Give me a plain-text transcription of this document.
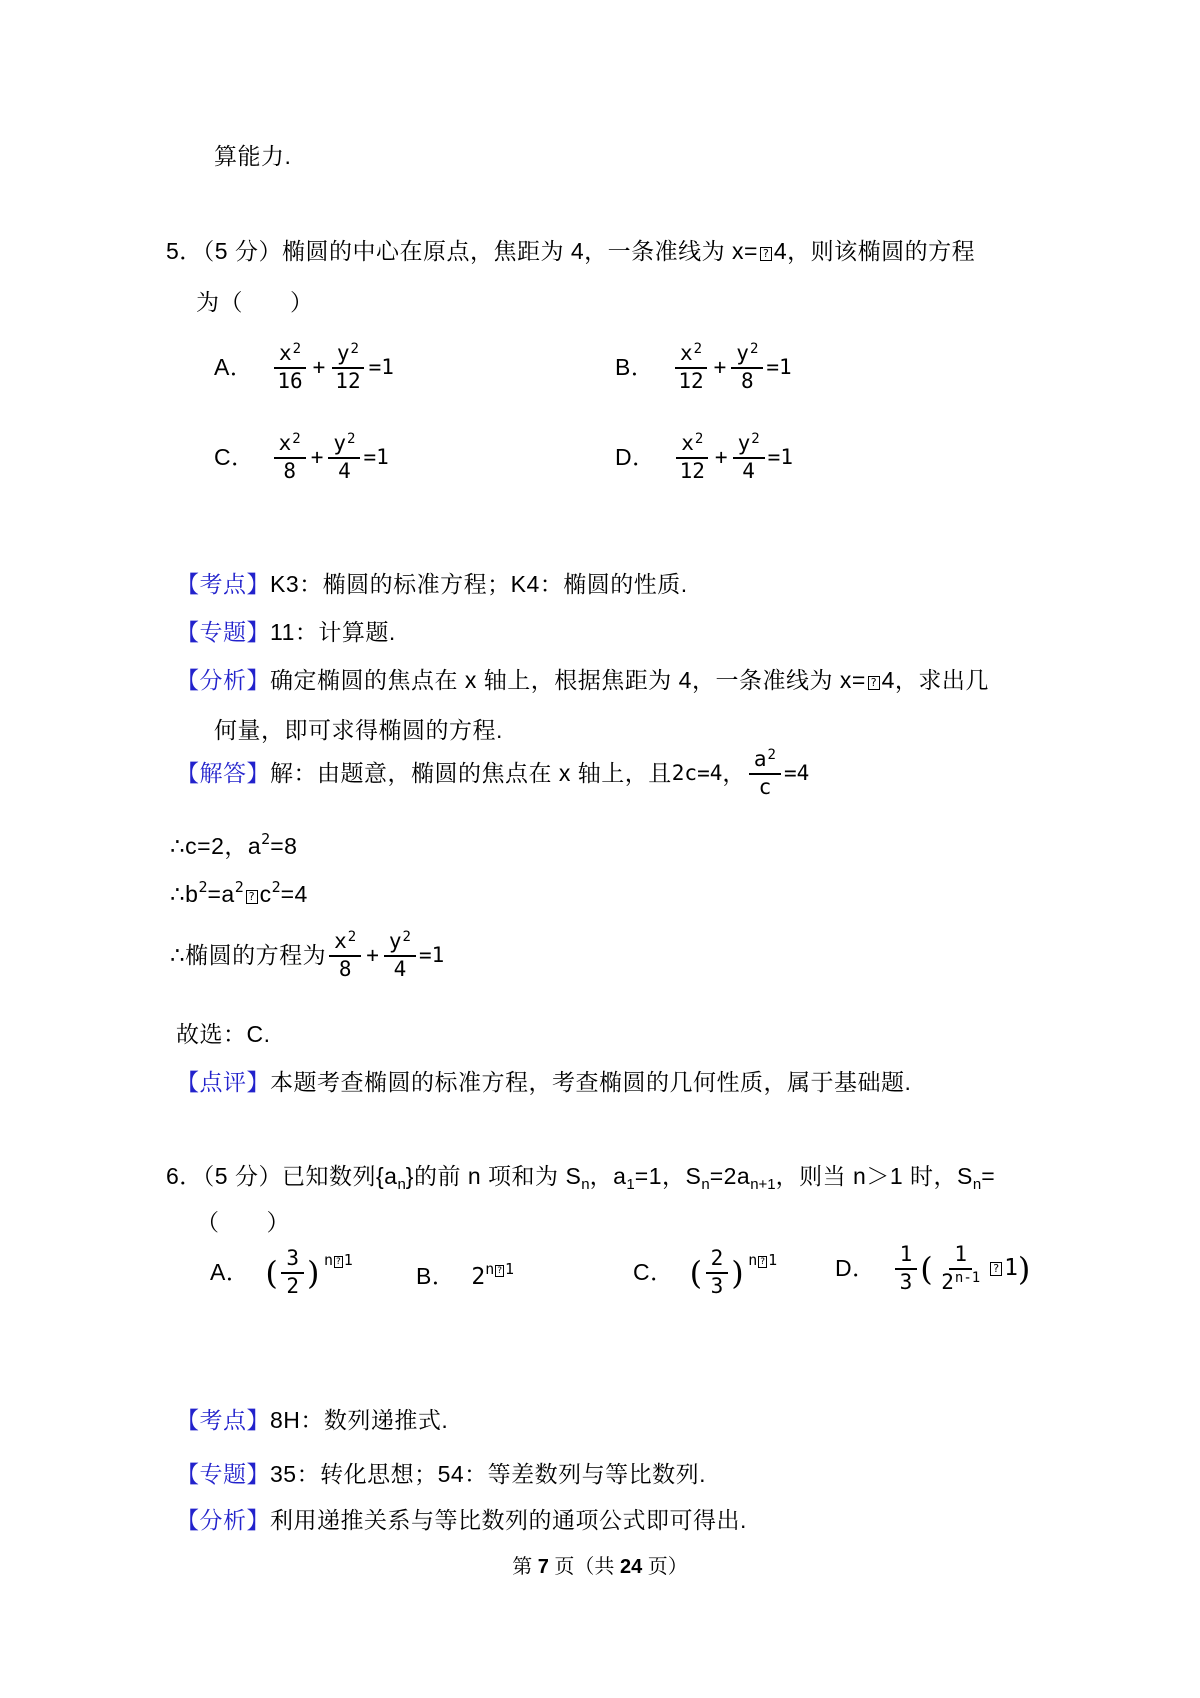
算能力.
5．（5 分）椭圆的中心在原点，焦距为 4，一条准线为 x= ? 4，则该椭圆的方程
为（　　）
A． $\frac{x^2}{16} + \frac{y^2}{12} =1$	B． $\frac{x^2}{12} + \frac{y^2}{8} =1$
C． $\frac{x^2}{8} + \frac{y^2}{4} =1$	D． $\frac{x^2}{12} + \frac{y^2}{4} =1$
【考点】K3：椭圆的标准方程；K4：椭圆的性质.
【专题】11：计算题.
【分析】确定椭圆的焦点在 x 轴上，根据焦距为 4，一条准线为 x= ? 4，求出几
何量，即可求得椭圆的方程.
【解答】 解：由题意，椭圆的焦点在 x 轴上，且 2c=4 ， $\frac{a^2}{c} =4$
∴c=2，$a^2=8$
$\therefore b^2=a^2$? $c^2=4$
∴椭圆的方程为 $\frac{x^2}{8} + \frac{y^2}{4} =1$
故选：C.
【点评】本题考查椭圆的标准方程，考查椭圆的几何性质，属于基础题.
6．（5 分）已知数列$\{a_n\}$的前 n 项和为 $S_n$，$a_1=1$，$S_n=2a_{n+1}$，则当 n＞1 时，$S_n=$
（　　）
A． ( $\frac{3}{2}$ ) n ? 1
B． $2^{n ? 1}$	C． ( $\frac{2}{3}$ ) n ? 1	D． $\frac{1}{3}$ ( $\frac{1}{2^{n-1}}$ ? 1 )
【考点】8H：数列递推式.
【专题】35：转化思想；54：等差数列与等比数列.
【分析】利用递推关系与等比数列的通项公式即可得出.
第 7 页（共 24 页）
